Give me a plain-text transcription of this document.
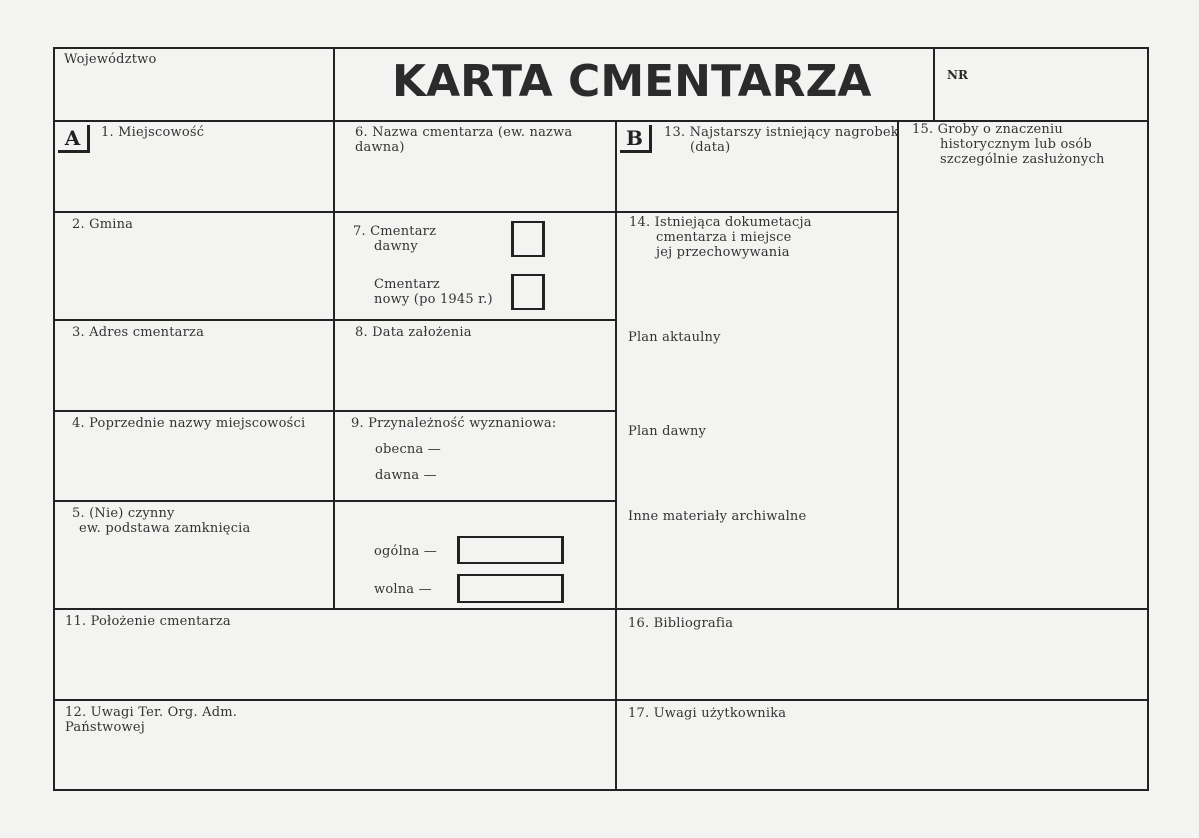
Województwo	KARTA CMENTARZA	NR
A	B
1. Miejscowość
2. Gmina
3. Adres cmentarza
4. Poprzednie nazwy miejscowości
5. (Nie) czynny
ew. podstawa zamknięcia
6. Nazwa cmentarza (ew. nazwa
dawna)
7. Cmentarz
dawny
Cmentarz
nowy (po 1945 r.)
8. Data założenia
9. Przynależność wyznaniowa:
obecna —
dawna —
ogólna —
wolna —
13. Najstarszy istniejący nagrobek
(data)
14. Istniejąca dokumetacja
cmentarza i miejsce
jej przechowywania
Plan aktaulny
Plan dawny
Inne materiały archiwalne
15. Groby o znaczeniu
historycznym lub osób
szczególnie zasłużonych
11. Położenie cmentarza	16. Bibliografia
12. Uwagi Ter. Org. Adm.
Państwowej
17. Uwagi użytkownika
